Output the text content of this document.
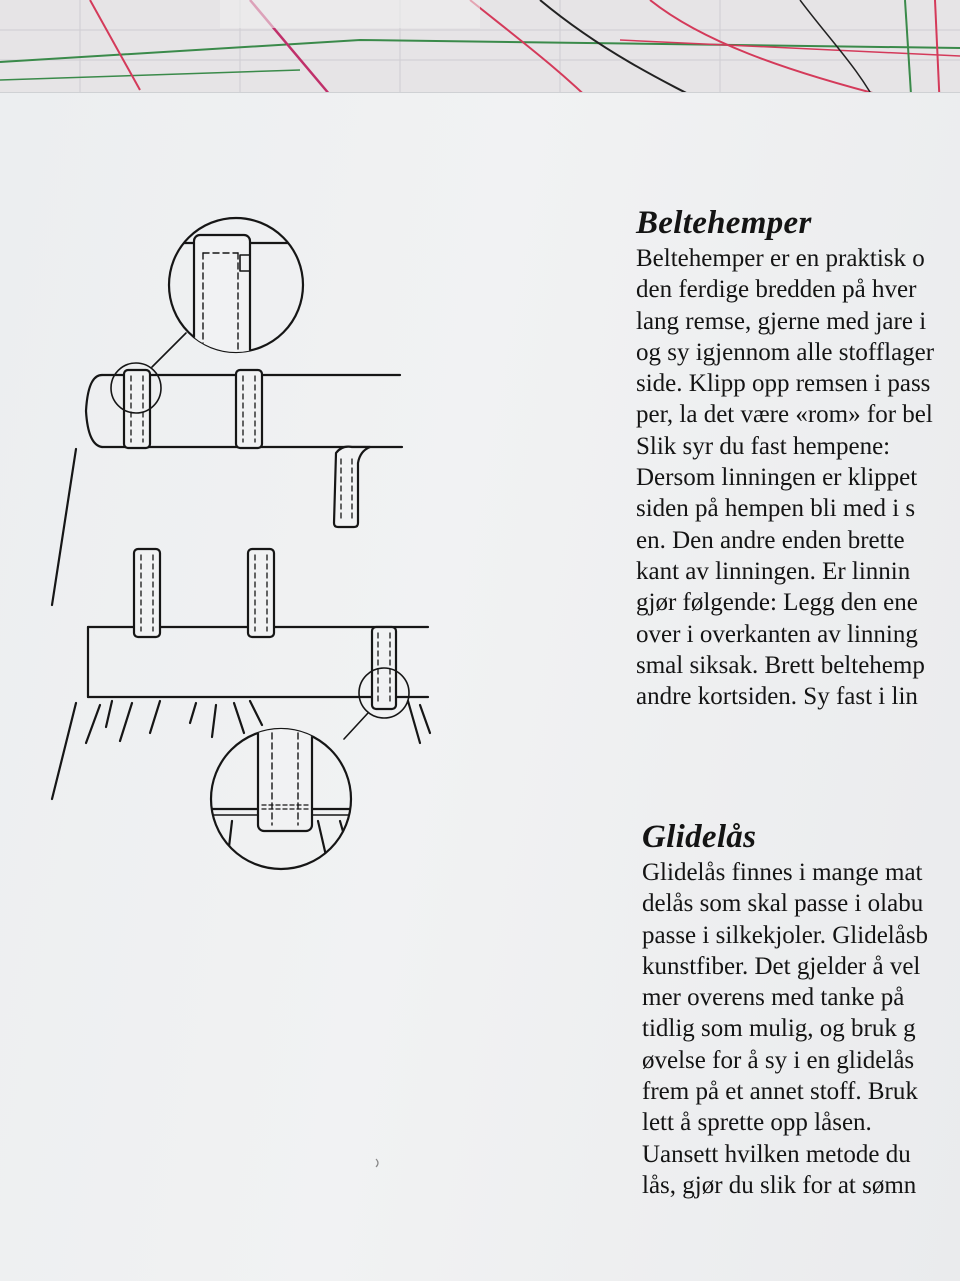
Beltehemper
Beltehemper er en praktisk o
den ferdige bredden på hver
lang remse, gjerne med jare i
og sy igjennom alle stofflager
side. Klipp opp remsen i pass
per, la det være «rom» for bel
Slik syr du fast hempene:
Dersom linningen er klippet
siden på hempen bli med i s
en. Den andre enden brette
kant av linningen. Er linnin
gjør følgende: Legg den ene
over i overkanten av linning
smal siksak. Brett beltehemp
andre kortsiden. Sy fast i lin
Glidelås
Glidelås finnes i mange mat
delås som skal passe i olabu
passe i silkekjoler. Glidelåsb
kunstfiber. Det gjelder å vel
mer overens med tanke på
tidlig som mulig, og bruk g
øvelse for å sy i en glidelås
frem på et annet stoff. Bruk
lett å sprette opp låsen.
Uansett hvilken metode du
lås, gjør du slik for at sømn
